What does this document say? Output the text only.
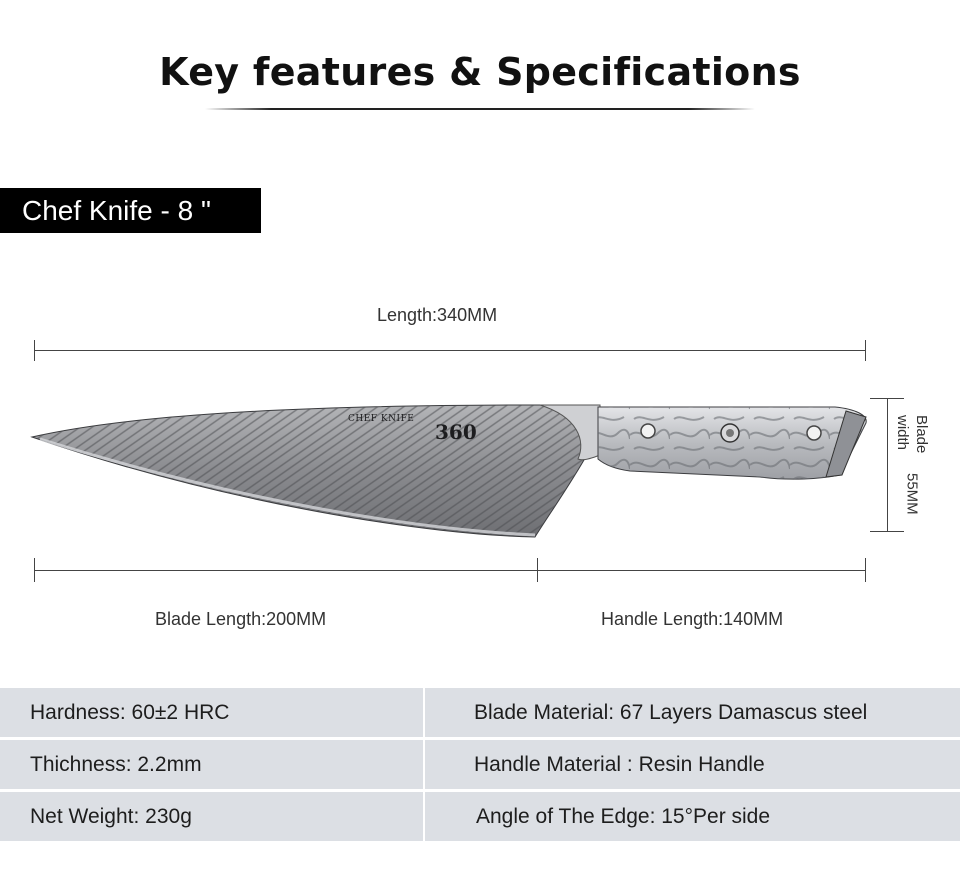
Key features & Specifications
Chef Knife - 8 "
Length:340MM
Blade width
55MM
CHEF KNIFE
360
Blade Length:200MM	Handle Length:140MM
Hardness: 60±2 HRC	Blade Material: 67 Layers Damascus steel
Thichness: 2.2mm	Handle Material : Resin Handle
Net Weight: 230g	Angle of The Edge: 15°Per side
